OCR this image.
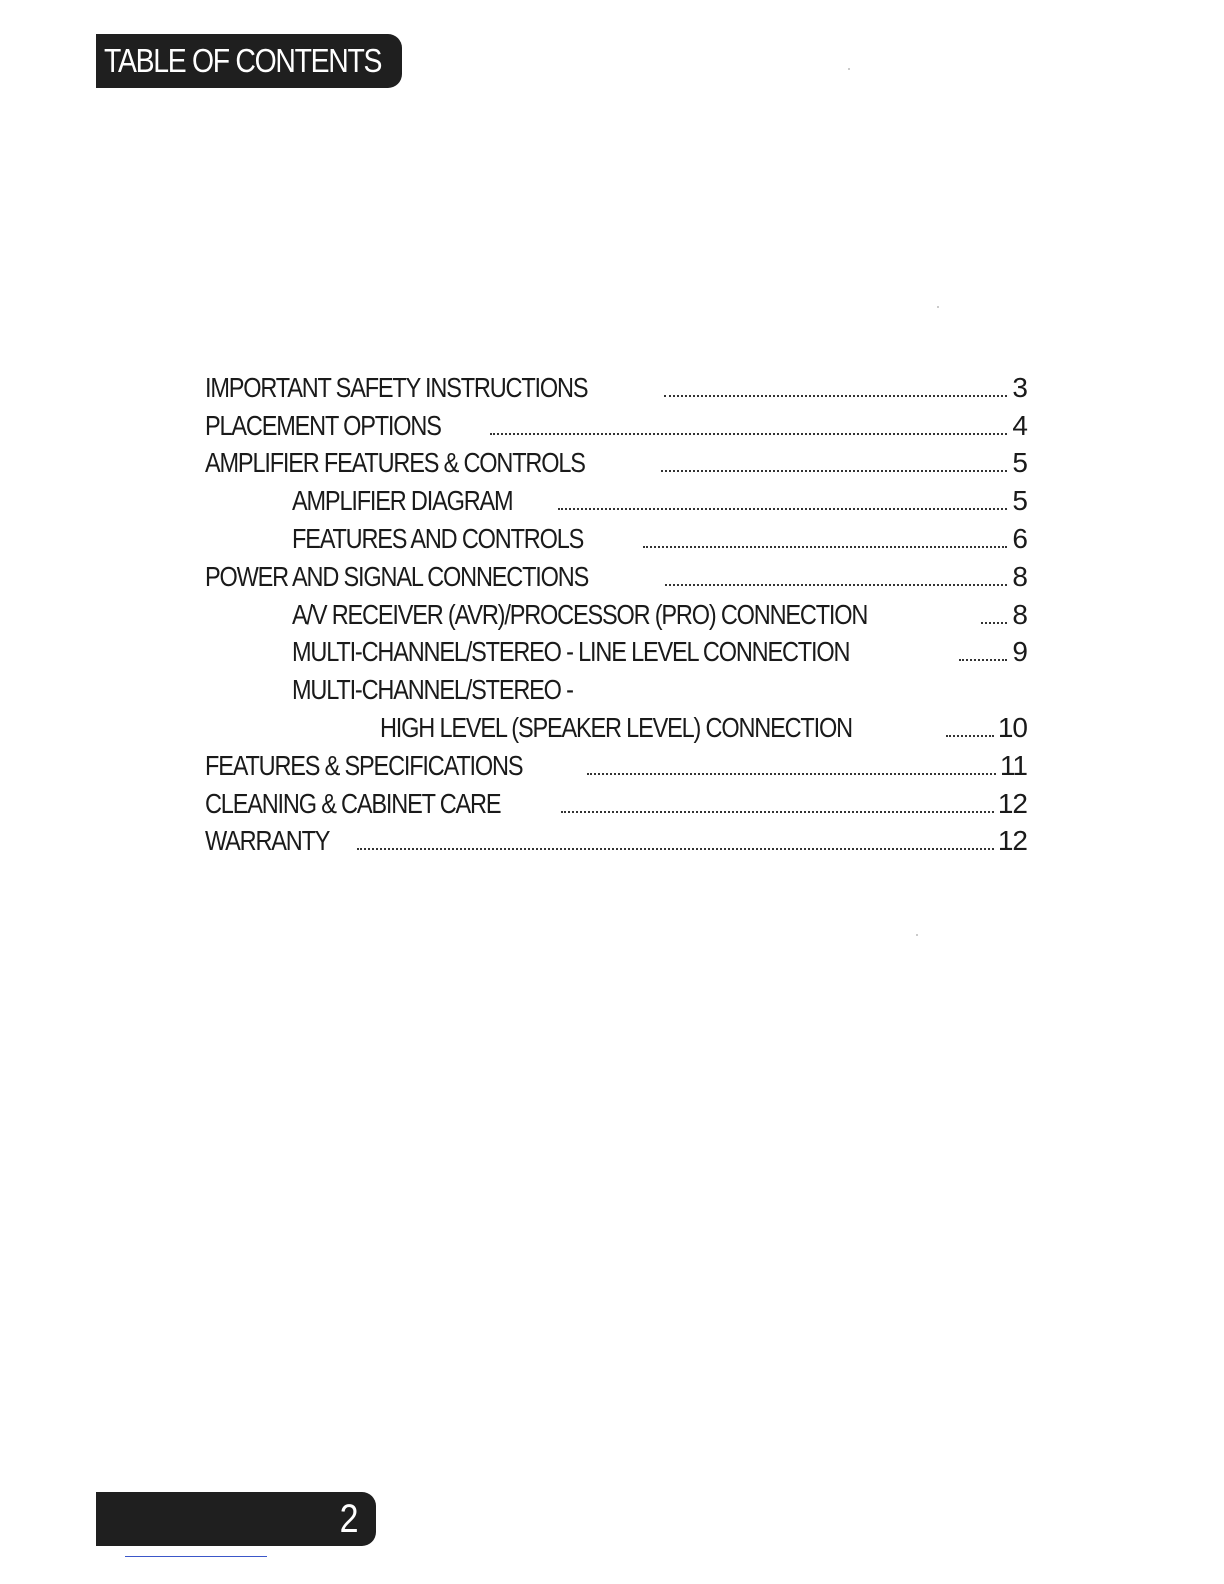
TABLE OF CONTENTS
IMPORTANT SAFETY INSTRUCTIONS	3
PLACEMENT OPTIONS	4
AMPLIFIER FEATURES & CONTROLS	5
AMPLIFIER DIAGRAM	5
FEATURES AND CONTROLS	6
POWER AND SIGNAL CONNECTIONS	8
A/V RECEIVER (AVR)/PROCESSOR (PRO) CONNECTION	8
MULTI-CHANNEL/STEREO - LINE LEVEL CONNECTION	9
MULTI-CHANNEL/STEREO -
HIGH LEVEL (SPEAKER LEVEL) CONNECTION	10
FEATURES & SPECIFICATIONS	11
CLEANING & CABINET CARE	12
WARRANTY	12
2
